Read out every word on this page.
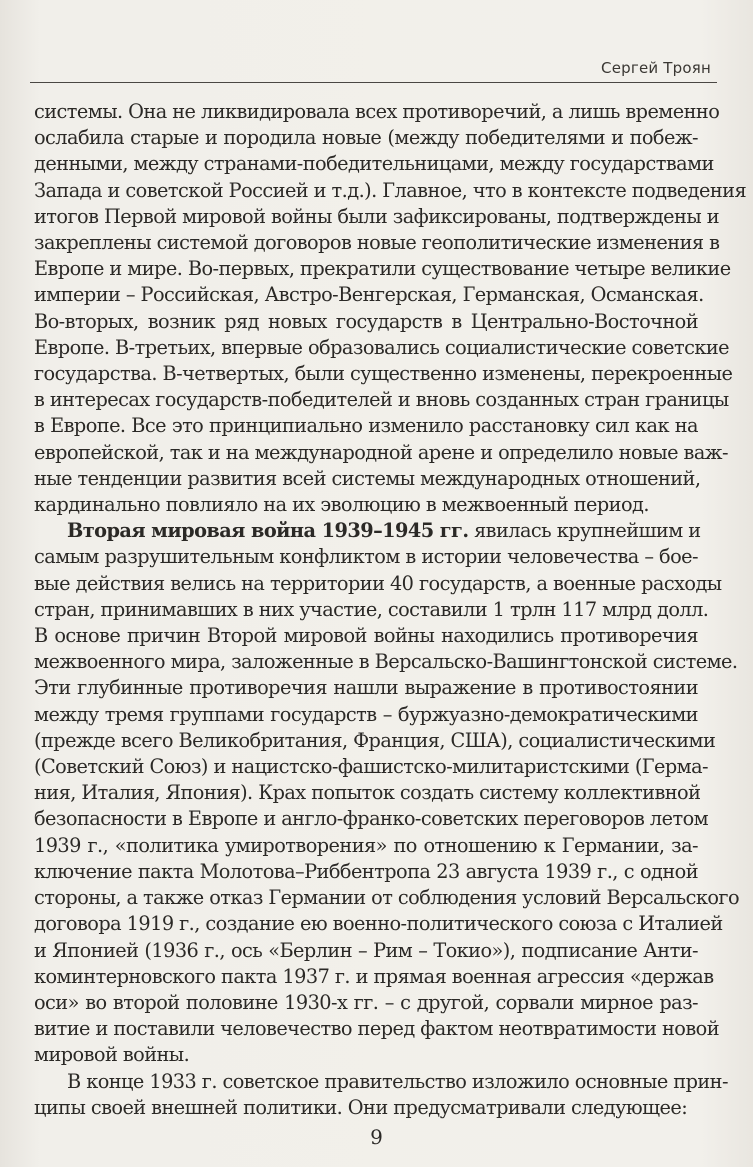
Сергей Троян

системы. Она не ликвидировала всех противоречий, а лишь временно
ослабила старые и породила новые (между победителями и побеж-
денными, между странами-победительницами, между государствами
Запада и советской Россией и т.д.). Главное, что в контексте подведения
итогов Первой мировой войны были зафиксированы, подтверждены и
закреплены системой договоров новые геополитические изменения в
Европе и мире. Во-первых, прекратили существование четыре великие
империи – Российская, Австро-Венгерская, Германская, Османская.
Во-вторых, возник ряд новых государств в Центрально-Восточной
Европе. В-третьих, впервые образовались социалистические советские
государства. В-четвертых, были существенно изменены, перекроенные
в интересах государств-победителей и вновь созданных стран границы
в Европе. Все это принципиально изменило расстановку сил как на
европейской, так и на международной арене и определило новые важ-
ные тенденции развития всей системы международных отношений,
кардинально повлияло на их эволюцию в межвоенный период.

Вторая мировая война 1939–1945 гг. явилась крупнейшим и
самым разрушительным конфликтом в истории человечества – бое-
вые действия велись на территории 40 государств, а военные расходы
стран, принимавших в них участие, составили 1 трлн 117 млрд долл.
В основе причин Второй мировой войны находились противоречия
межвоенного мира, заложенные в Версальско-Вашингтонской системе.
Эти глубинные противоречия нашли выражение в противостоянии
между тремя группами государств – буржуазно-демократическими
(прежде всего Великобритания, Франция, США), социалистическими
(Советский Союз) и нацистско-фашистско-милитаристскими (Герма-
ния, Италия, Япония). Крах попыток создать систему коллективной
безопасности в Европе и англо-франко-советских переговоров летом
1939 г., «политика умиротворения» по отношению к Германии, за-
ключение пакта Молотова–Риббентропа 23 августа 1939 г., с одной
стороны, а также отказ Германии от соблюдения условий Версальского
договора 1919 г., создание ею военно-политического союза с Италией
и Японией (1936 г., ось «Берлин – Рим – Токио»), подписание Анти-
коминтерновского пакта 1937 г. и прямая военная агрессия «держав
оси» во второй половине 1930-х гг. – с другой, сорвали мирное раз-
витие и поставили человечество перед фактом неотвратимости новой
мировой войны.

В конце 1933 г. советское правительство изложило основные прин-
ципы своей внешней политики. Они предусматривали следующее:

9
